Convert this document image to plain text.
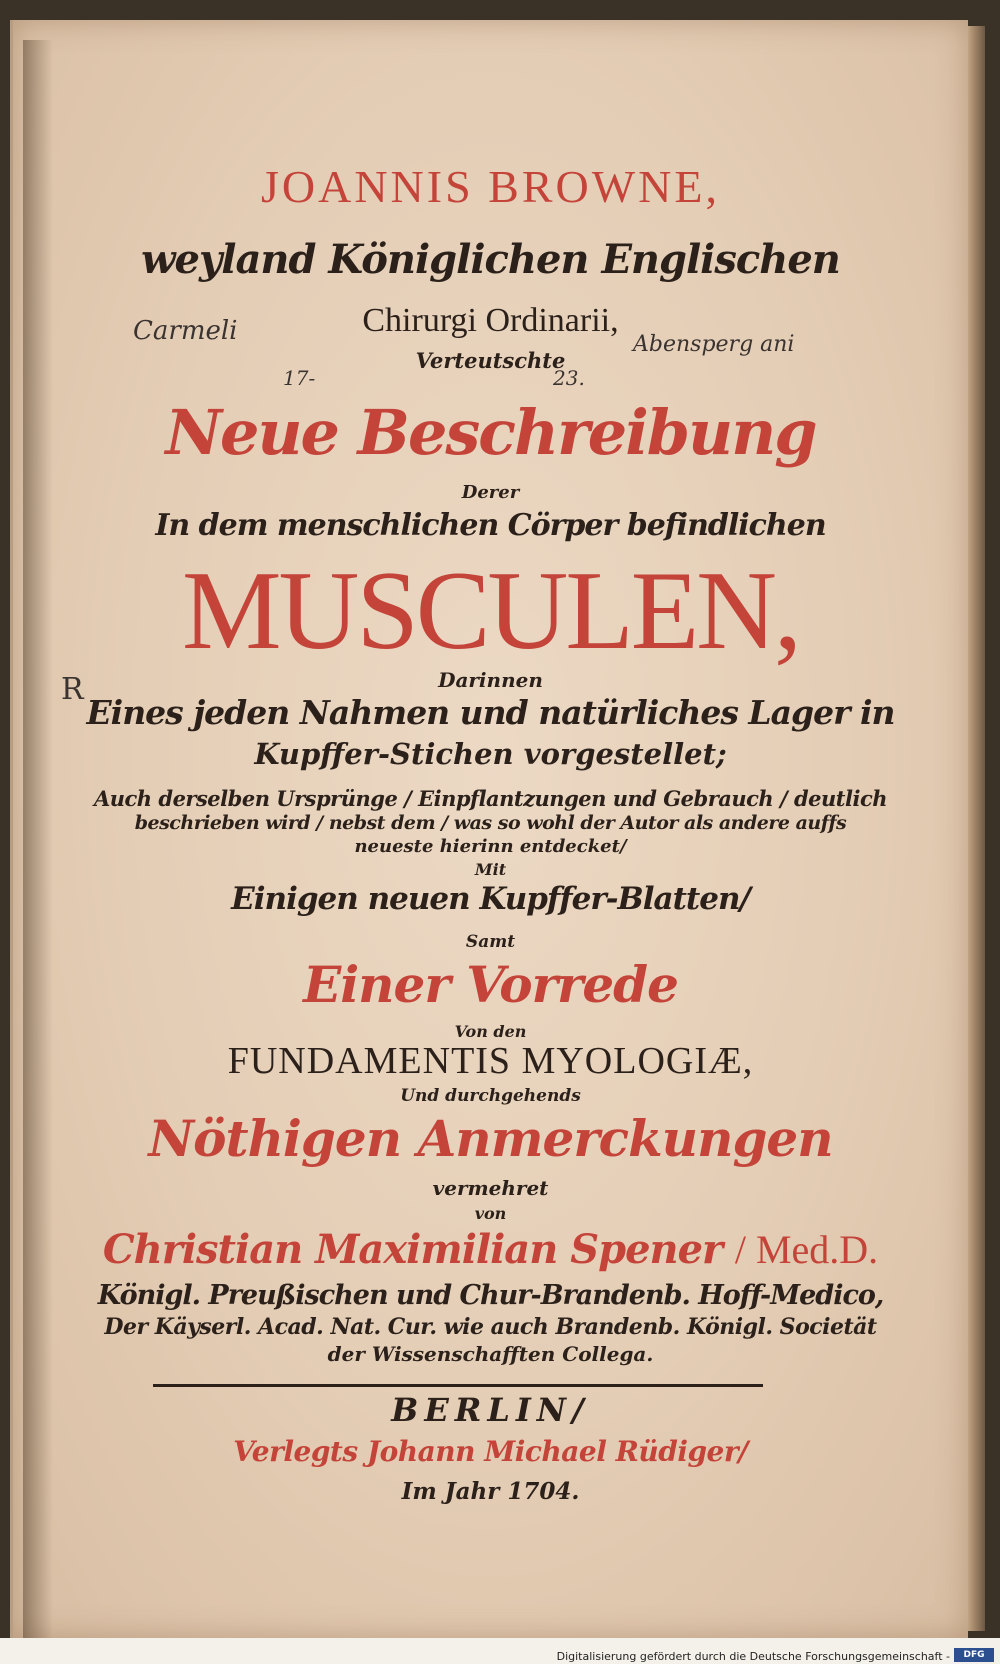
JOANNIS BROWNE,
weyland Königlichen Englischen
Chirurgi Ordinarii,
Verteutschte
Neue Beschreibung
Derer
In dem menschlichen Cörper befindlichen
MUSCULEN,
Darinnen
Eines jeden Nahmen und natürliches Lager in
Kupffer-Stichen vorgestellet;
Auch derselben Ursprünge / Einpflantzungen und Gebrauch / deutlich
beschrieben wird / nebst dem / was so wohl der Autor als andere auffs
neueste hierinn entdecket/
Mit
Einigen neuen Kupffer-Blatten/
Samt
Einer Vorrede
Von den
FUNDAMENTIS MYOLOGIÆ,
Und durchgehends
Nöthigen Anmerckungen
vermehret
von
Christian Maximilian Spener / Med.D.
Königl. Preußischen und Chur-Brandenb. Hoff-Medico,
Der Käyserl. Acad. Nat. Cur. wie auch Brandenb. Königl. Societät
der Wissenschafften Collega.
BERLIN/
Verlegts Johann Michael Rüdiger/
Im Jahr 1704.
Carmeli	Abensperg ani
17-	23.
R
Digitalisierung gefördert durch die Deutsche Forschungsgemeinschaft -	DFG
